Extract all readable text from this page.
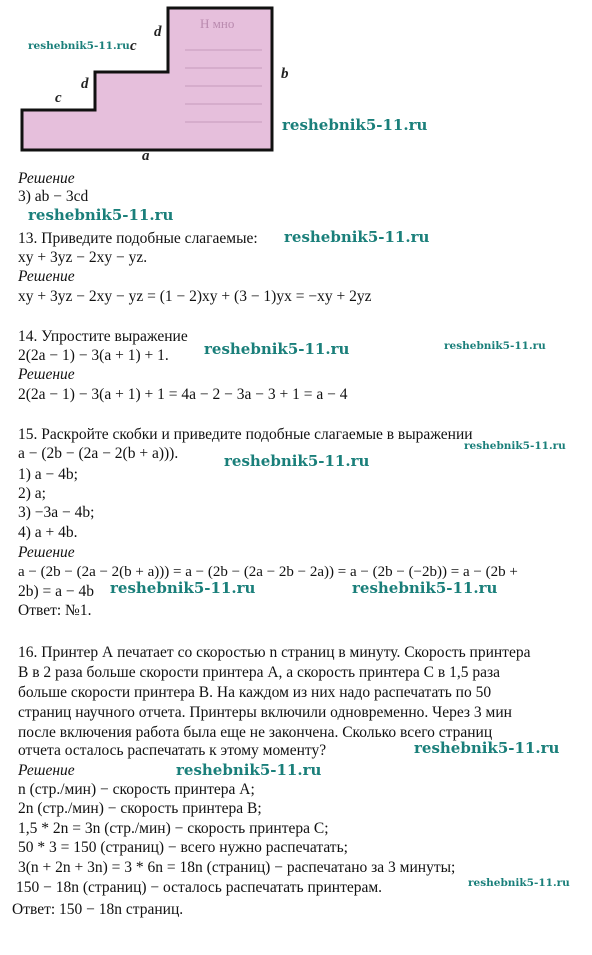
Н мно
c
d
d
c
b
a
reshebnik5-11.ru
reshebnik5-11.ru
reshebnik5-11.ru
reshebnik5-11.ru
reshebnik5-11.ru	reshebnik5-11.ru
reshebnik5-11.ru
reshebnik5-11.ru
reshebnik5-11.ru	reshebnik5-11.ru
reshebnik5-11.ru
reshebnik5-11.ru
reshebnik5-11.ru
Решение
3) ab − 3cd
13. Приведите подобные слагаемые:
xy + 3yz − 2xy − yz.
Решение
xy + 3yz − 2xy − yz = (1 − 2)xy + (3 − 1)yx = −xy + 2yz
14. Упростите выражение
2(2a − 1) − 3(a + 1) + 1.
Решение
2(2a − 1) − 3(a + 1) + 1 = 4a − 2 − 3a − 3 + 1 = a − 4
15. Раскройте скобки и приведите подобные слагаемые в выражении
a − (2b − (2a − 2(b + a))).
1) a − 4b;
2) a;
3) −3a − 4b;
4) a + 4b.
Решение
a − (2b − (2a − 2(b + a))) = a − (2b − (2a − 2b − 2a)) = a − (2b − (−2b)) = a − (2b +
2b) = a − 4b
Ответ: №1.
16. Принтер А печатает со скоростью n страниц в минуту. Скорость принтера
В в 2 раза больше скорости принтера А, а скорость принтера С в 1,5 раза
больше скорости принтера В. На каждом из них надо распечатать по 50
страниц научного отчета. Принтеры включили одновременно. Через 3 мин
после включения работа была еще не закончена. Сколько всего страниц
отчета осталось распечатать к этому моменту?
Решение
n (стр./мин) − скорость принтера А;
2n (стр./мин) − скорость принтера В;
1,5 * 2n = 3n (стр./мин) − скорость принтера С;
50 * 3 = 150 (страниц) − всего нужно распечатать;
3(n + 2n + 3n) = 3 * 6n = 18n (страниц) − распечатано за 3 минуты;
150 − 18n (страниц) − осталось распечатать принтерам.
Ответ: 150 − 18n страниц.
